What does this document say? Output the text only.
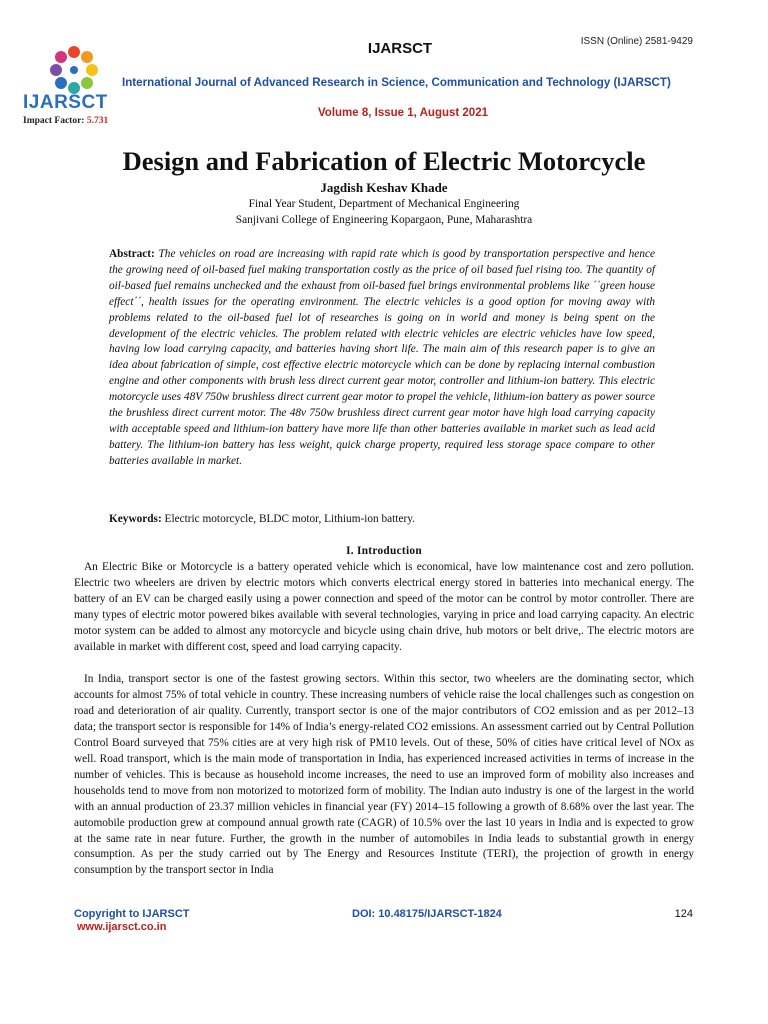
IJARSCT
Impact Factor: 5.731
IJARSCT	ISSN (Online) 2581-9429
International Journal of Advanced Research in Science, Communication and Technology (IJARSCT)
Volume 8, Issue 1, August 2021
Design and Fabrication of Electric Motorcycle
Jagdish Keshav Khade
Final Year Student, Department of Mechanical Engineering
Sanjivani College of Engineering Kopargaon, Pune, Maharashtra

Abstract: The vehicles on road are increasing with rapid rate which is good by transportation perspective and hence the growing need of oil-based fuel making transportation costly as the price of oil based fuel rising too. The quantity of oil-based fuel remains unchecked and the exhaust from oil-based fuel brings environmental problems like ´´green house effect´´, health issues for the operating environment. The electric vehicles is a good option for moving away with problems related to the oil-based fuel lot of researches is going on in world and money is being spent on the development of the electric vehicles. The problem related with electric vehicles are electric vehicles have low speed, having low load carrying capacity, and batteries having short life. The main aim of this research paper is to give an idea about fabrication of simple, cost effective electric motorcycle which can be done by replacing internal combustion engine and other components with brush less direct current gear motor, controller and lithium-ion battery. This electric motorcycle uses 48V 750w brushless direct current gear motor to propel the vehicle, lithium-ion battery as power source the brushless direct current motor. The 48v 750w brushless direct current gear motor have high load carrying capacity with acceptable speed and lithium-ion battery have more life than other batteries available in market such as lead acid battery. The lithium-ion battery has less weight, quick charge property, required less storage space compare to other batteries available in market.

Keywords: Electric motorcycle, BLDC motor, Lithium-ion battery.

I. Introduction

An Electric Bike or Motorcycle is a battery operated vehicle which is economical, have low maintenance cost and zero pollution. Electric two wheelers are driven by electric motors which converts electrical energy stored in batteries into mechanical energy. The battery of an EV can be charged easily using a power connection and speed of the motor can be control by motor controller. There are many types of electric motor powered bikes available with several technologies, varying in price and load carrying capacity. An electric motor system can be added to almost any motorcycle and bicycle using chain drive, hub motors or belt drive,. The electric motors are available in market with different cost, speed and load carrying capacity.

In India, transport sector is one of the fastest growing sectors. Within this sector, two wheelers are the dominating sector, which accounts for almost 75% of total vehicle in country. These increasing numbers of vehicle raise the local challenges such as congestion on road and deterioration of air quality. Currently, transport sector is one of the major contributors of CO2 emission and as per 2012–13 data; the transport sector is responsible for 14% of India’s energy-related CO2 emissions. An assessment carried out by Central Pollution Control Board surveyed that 75% cities are at very high risk of PM10 levels. Out of these, 50% of cities have critical level of NOx as well. Road transport, which is the main mode of transportation in India, has experienced increased activities in terms of increase in the number of vehicles. This is because as household income increases, the need to use an improved form of mobility also increases and households tend to move from non motorized to motorized form of mobility. The Indian auto industry is one of the largest in the world with an annual production of 23.37 million vehicles in financial year (FY) 2014–15 following a growth of 8.68% over the last year. The automobile production grew at compound annual growth rate (CAGR) of 10.5% over the last 10 years in India and is expected to grow at the same rate in near future. Further, the growth in the number of automobiles in India leads to substantial growth in energy consumption. As per the study carried out by The Energy and Resources Institute (TERI), the projection of growth in energy consumption by the transport sector in India

Copyright to IJARSCT
www.ijarsct.co.in
DOI: 10.48175/IJARSCT-1824	124
